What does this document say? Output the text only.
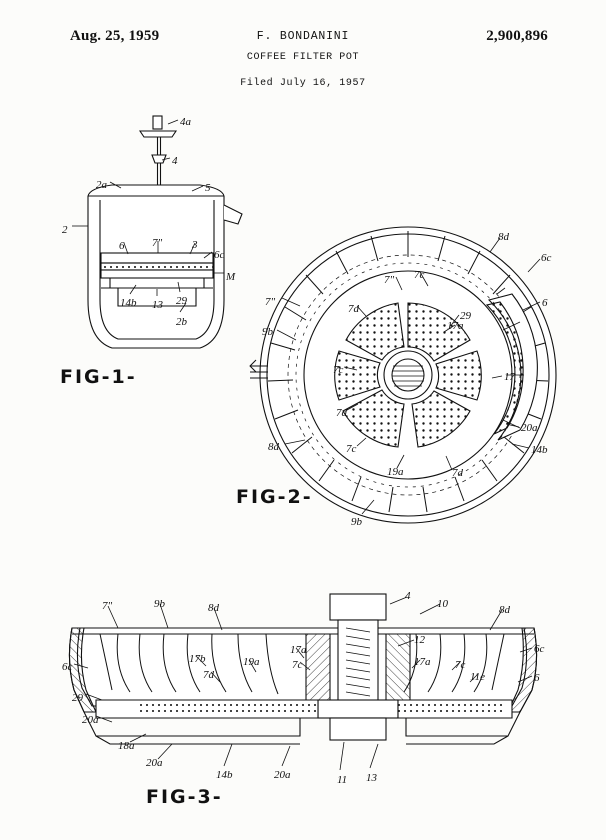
Aug. 25, 1959	2,900,896
F. BONDANINI
COFFEE FILTER POT
Filed July 16, 1957
FIG-1-
FIG-2-
FIG-3-
4a
4
2a	5
2
6	7"	3
6c
M
14b 13 29
2b
8d
6c
7" 7c
6
7"
7d
29
17a
9b
7c
17
7d
20a
8d	7c	14b
19a	7d
9b
7"	9b	8d
4
10	8d
12
6c
17b	19a
17a
7c	17a 7c
6
6c
7d	11e
29
20a
18a
20a
14b	20a	11 13
